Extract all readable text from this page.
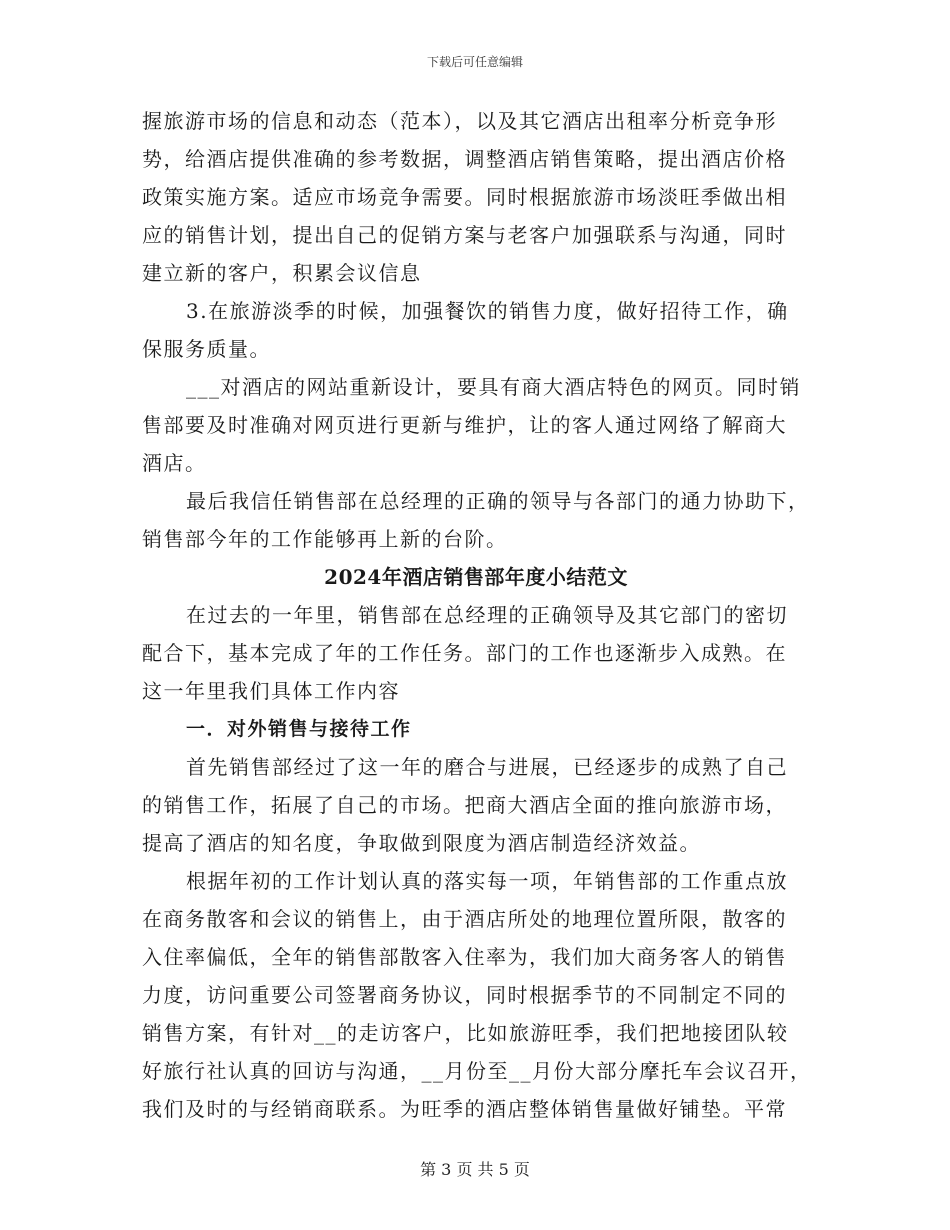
下载后可任意编辑
握旅游市场的信息和动态（范本），以及其它酒店出租率分析竞争形
势，给酒店提供准确的参考数据，调整酒店销售策略，提出酒店价格
政策实施方案。适应市场竞争需要。同时根据旅游市场淡旺季做出相
应的销售计划，提出自己的促销方案与老客户加强联系与沟通，同时
建立新的客户，积累会议信息
3.在旅游淡季的时候，加强餐饮的销售力度，做好招待工作，确
保服务质量。
___对酒店的网站重新设计，要具有商大酒店特色的网页。同时销
售部要及时准确对网页进行更新与维护，让的客人通过网络了解商大
酒店。
最后我信任销售部在总经理的正确的领导与各部门的通力协助下，
销售部今年的工作能够再上新的台阶。
2024年酒店销售部年度小结范文
在过去的一年里，销售部在总经理的正确领导及其它部门的密切
配合下，基本完成了年的工作任务。部门的工作也逐渐步入成熟。在
这一年里我们具体工作内容
一．对外销售与接待工作
首先销售部经过了这一年的磨合与进展，已经逐步的成熟了自己
的销售工作，拓展了自己的市场。把商大酒店全面的推向旅游市场，
提高了酒店的知名度，争取做到限度为酒店制造经济效益。
根据年初的工作计划认真的落实每一项，年销售部的工作重点放
在商务散客和会议的销售上，由于酒店所处的地理位置所限，散客的
入住率偏低，全年的销售部散客入住率为，我们加大商务客人的销售
力度，访问重要公司签署商务协议，同时根据季节的不同制定不同的
销售方案，有针对__的走访客户，比如旅游旺季，我们把地接团队较
好旅行社认真的回访与沟通，__月份至__月份大部分摩托车会议召开，
我们及时的与经销商联系。为旺季的酒店整体销售量做好铺垫。平常
第 3 页 共 5 页
